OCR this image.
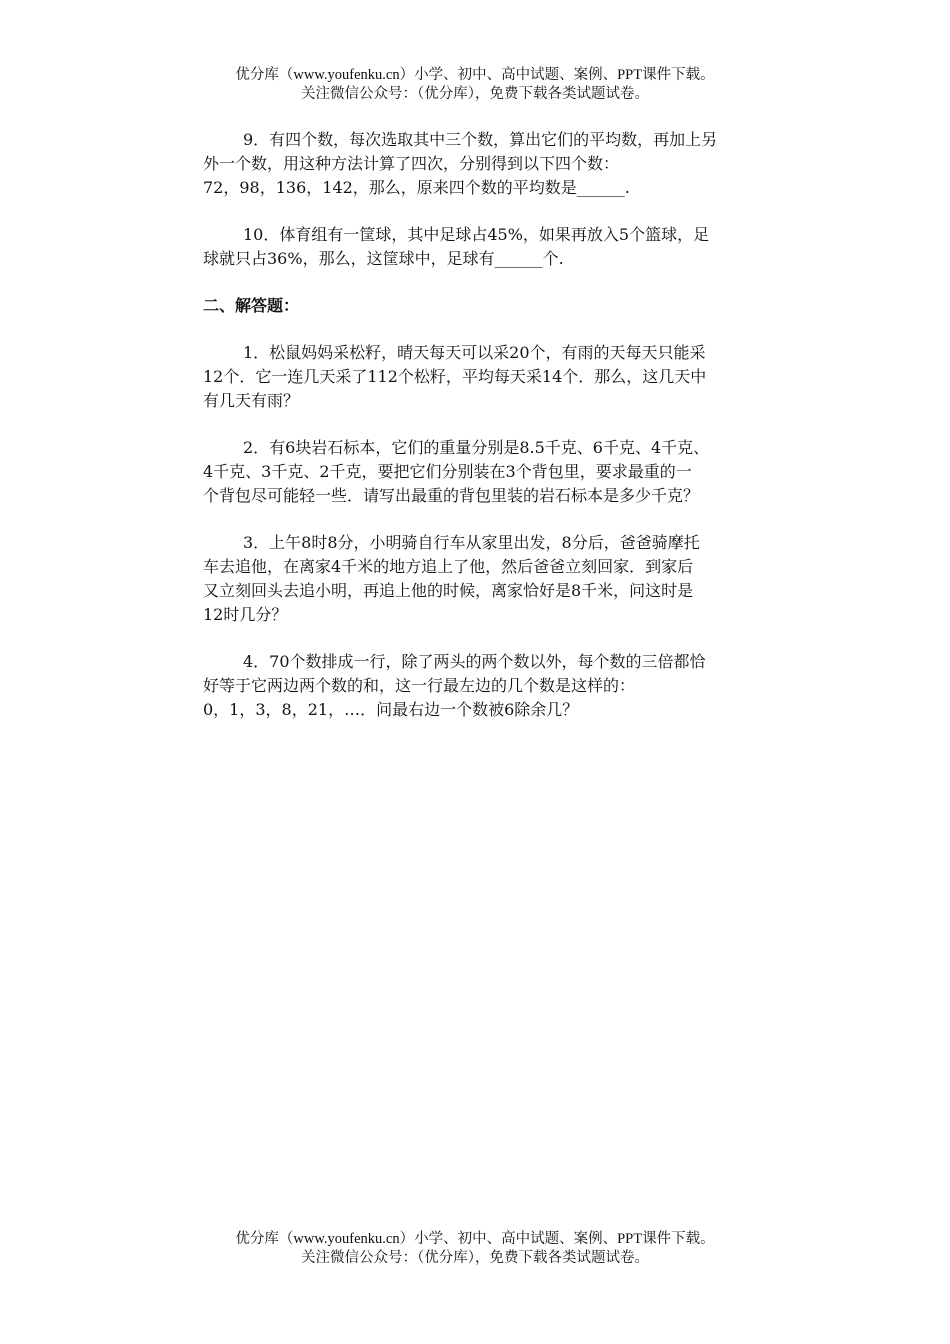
优分库（www.youfenku.cn）小学、初中、高中试题、案例、PPT课件下载。
关注微信公众号：（优分库），免费下载各类试题试卷。
9．有四个数，每次选取其中三个数，算出它们的平均数，再加上另
外一个数，用这种方法计算了四次，分别得到以下四个数：
72，98，136，142，那么，原来四个数的平均数是______.
10．体育组有一筐球，其中足球占45%，如果再放入5个篮球，足
球就只占36%，那么，这筐球中，足球有______个.
二、解答题：
1．松鼠妈妈采松籽，晴天每天可以采20个，有雨的天每天只能采
12个．它一连几天采了112个松籽，平均每天采14个．那么，这几天中
有几天有雨？
2．有6块岩石标本，它们的重量分别是8.5千克、6千克、4千克、
4千克、3千克、2千克，要把它们分别装在3个背包里，要求最重的一
个背包尽可能轻一些．请写出最重的背包里装的岩石标本是多少千克？
3．上午8时8分，小明骑自行车从家里出发，8分后，爸爸骑摩托
车去追他，在离家4千米的地方追上了他，然后爸爸立刻回家．到家后
又立刻回头去追小明，再追上他的时候，离家恰好是8千米，问这时是
12时几分？
4．70个数排成一行，除了两头的两个数以外，每个数的三倍都恰
好等于它两边两个数的和，这一行最左边的几个数是这样的：
0，1，3，8，21，…．问最右边一个数被6除余几？
优分库（www.youfenku.cn）小学、初中、高中试题、案例、PPT课件下载。
关注微信公众号：（优分库），免费下载各类试题试卷。
